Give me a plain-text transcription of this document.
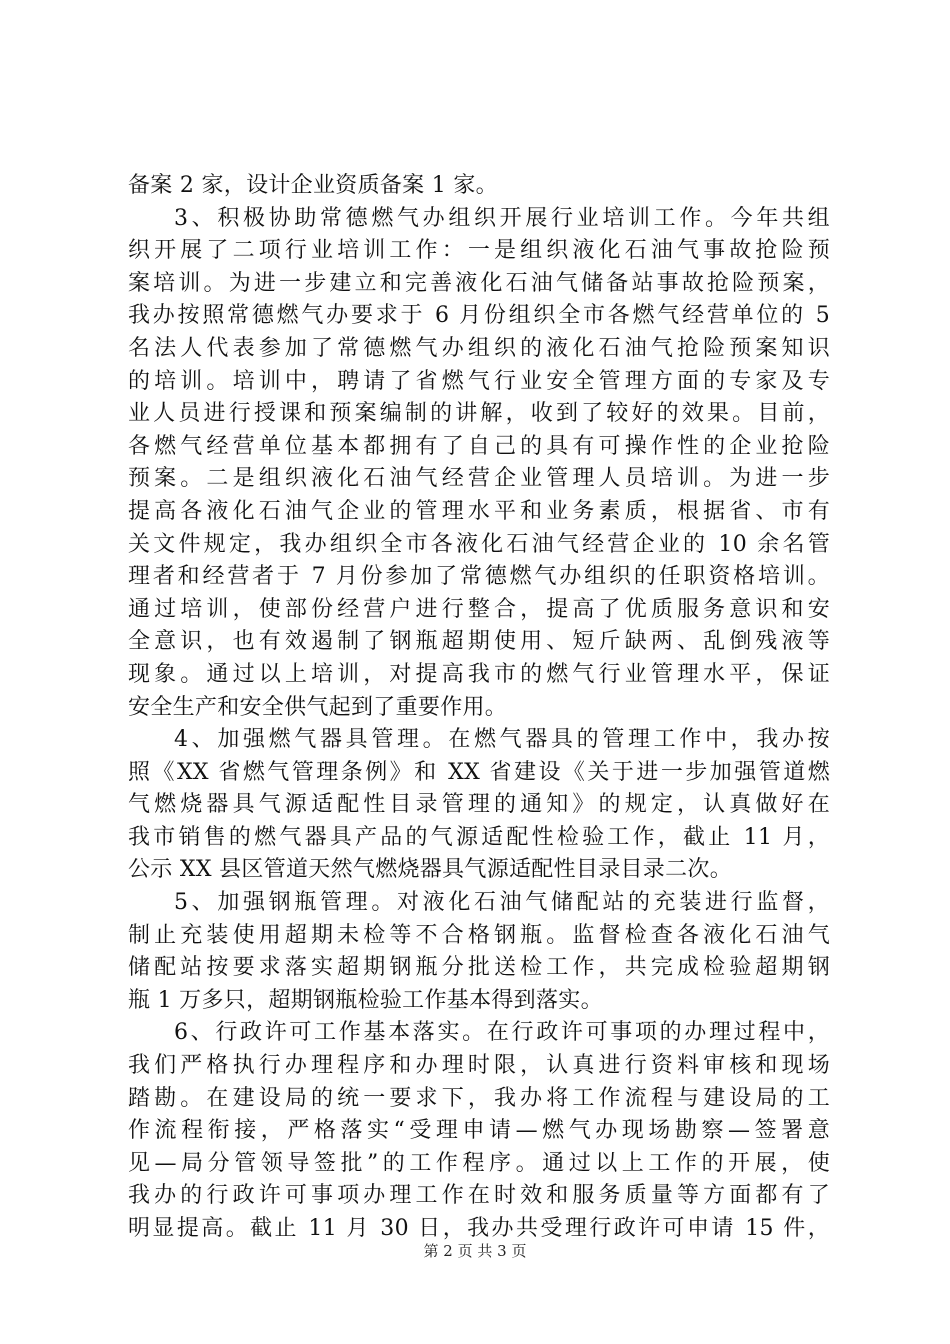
备案 2 家，设计企业资质备案 1 家。
3、积极协助常德燃气办组织开展行业培训工作。今年共组
织开展了二项行业培训工作：一是组织液化石油气事故抢险预
案培训。为进一步建立和完善液化石油气储备站事故抢险预案，
我办按照常德燃气办要求于 6 月份组织全市各燃气经营单位的 5
名法人代表参加了常德燃气办组织的液化石油气抢险预案知识
的培训。培训中，聘请了省燃气行业安全管理方面的专家及专
业人员进行授课和预案编制的讲解，收到了较好的效果。目前，
各燃气经营单位基本都拥有了自己的具有可操作性的企业抢险
预案。二是组织液化石油气经营企业管理人员培训。为进一步
提高各液化石油气企业的管理水平和业务素质，根据省、市有
关文件规定，我办组织全市各液化石油气经营企业的 10 余名管
理者和经营者于 7 月份参加了常德燃气办组织的任职资格培训。
通过培训，使部份经营户进行整合，提高了优质服务意识和安
全意识，也有效遏制了钢瓶超期使用、短斤缺两、乱倒残液等
现象。通过以上培训，对提高我市的燃气行业管理水平，保证
安全生产和安全供气起到了重要作用。
4、加强燃气器具管理。在燃气器具的管理工作中，我办按
照《XX 省燃气管理条例》和 XX 省建设《关于进一步加强管道燃
气燃烧器具气源适配性目录管理的通知》的规定，认真做好在
我市销售的燃气器具产品的气源适配性检验工作，截止 11 月，
公示 XX 县区管道天然气燃烧器具气源适配性目录目录二次。
5、加强钢瓶管理。对液化石油气储配站的充装进行监督，
制止充装使用超期未检等不合格钢瓶。监督检查各液化石油气
储配站按要求落实超期钢瓶分批送检工作，共完成检验超期钢
瓶 1 万多只，超期钢瓶检验工作基本得到落实。
6、行政许可工作基本落实。在行政许可事项的办理过程中，
我们严格执行办理程序和办理时限，认真进行资料审核和现场
踏勘。在建设局的统一要求下，我办将工作流程与建设局的工
作流程衔接，严格落实“受理申请—燃气办现场勘察—签署意
见—局分管领导签批”的工作程序。通过以上工作的开展，使
我办的行政许可事项办理工作在时效和服务质量等方面都有了
明显提高。截止 11 月 30 日，我办共受理行政许可申请 15 件，
第 2 页 共 3 页
